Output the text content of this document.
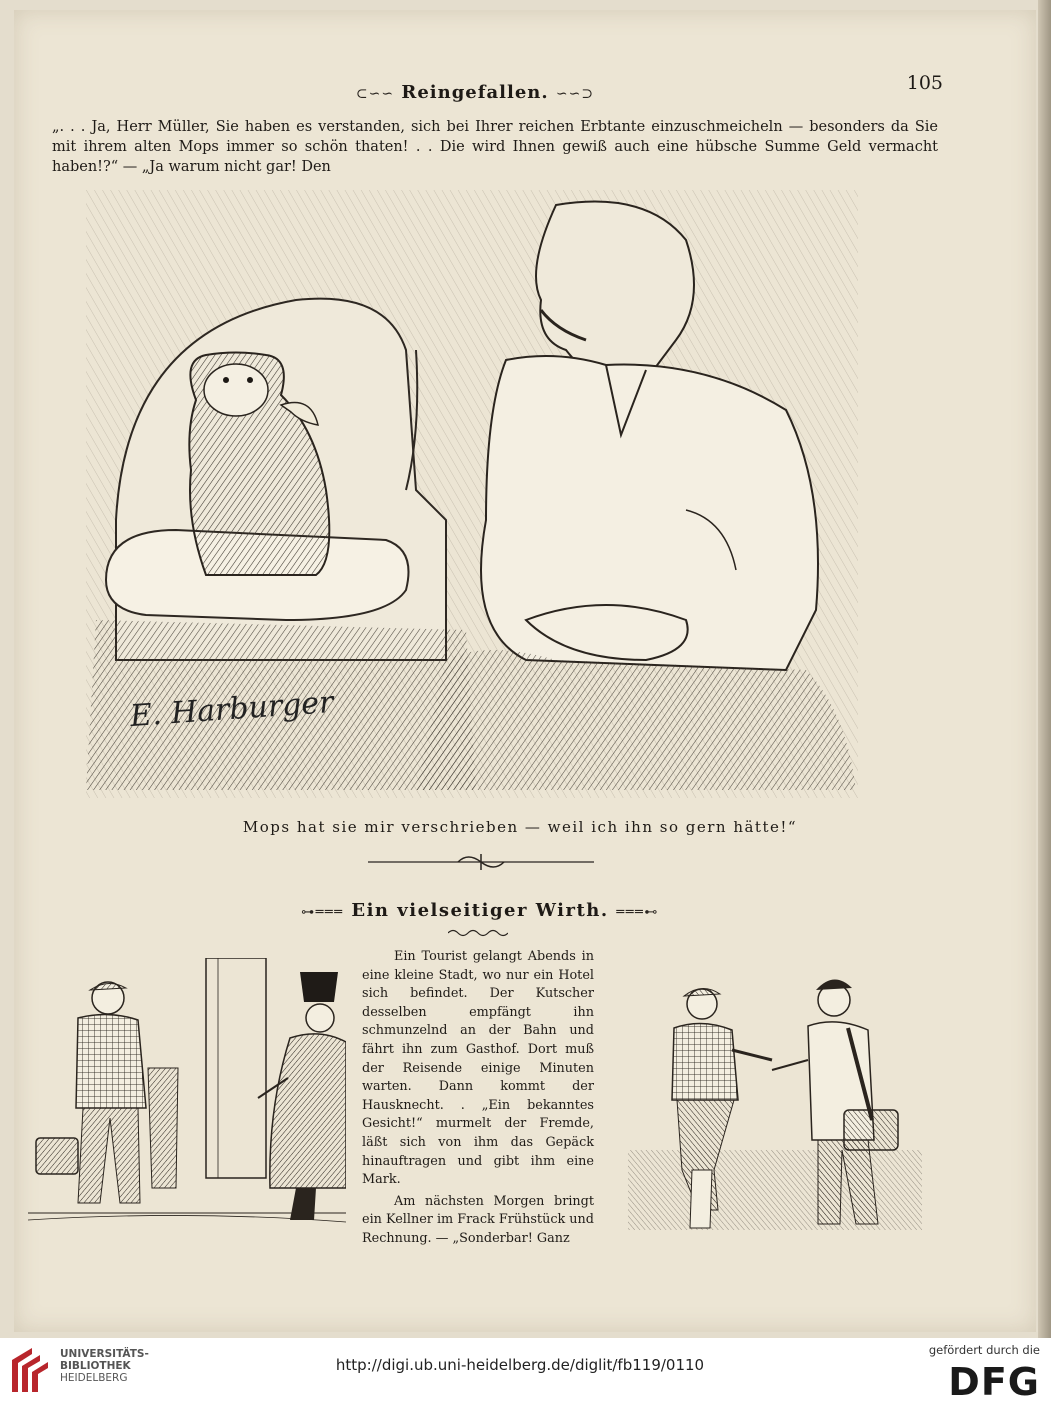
⊂∽∽ Reingefallen. ∽∽⊃	105
„. . . Ja, Herr Müller, Sie haben es verstanden, sich bei Ihrer reichen Erbtante einzuschmeicheln — besonders da Sie mit ihrem alten Mops immer so schön thaten! . . Die wird Ihnen gewiß auch eine hübsche Summe Geld vermacht haben!?“ — „Ja warum nicht gar! Den
E. Harburger
Mops hat sie mir verschrieben — weil ich ihn so gern hätte!“
⊶═══ Ein vielseitiger Wirth. ═══⊷

Ein Tourist gelangt Abends in eine kleine Stadt, wo nur ein Hotel sich befindet. Der Kutscher desselben empfängt ihn schmunzelnd an der Bahn und fährt ihn zum Gasthof. Dort muß der Reisende einige Minuten warten. Dann kommt der Hausknecht. . „Ein bekanntes Gesicht!“ murmelt der Fremde, läßt sich von ihm das Gepäck hinauftragen und gibt ihm eine Mark.

Am nächsten Morgen bringt ein Kellner im Frack Frühstück und Rechnung. — „Sonderbar! Ganz

UNIVERSITÄTS-
BIBLIOTHEK
HEIDELBERG
http://digi.ub.uni-heidelberg.de/diglit/fb119/0110
gefördert durch die
DFG
